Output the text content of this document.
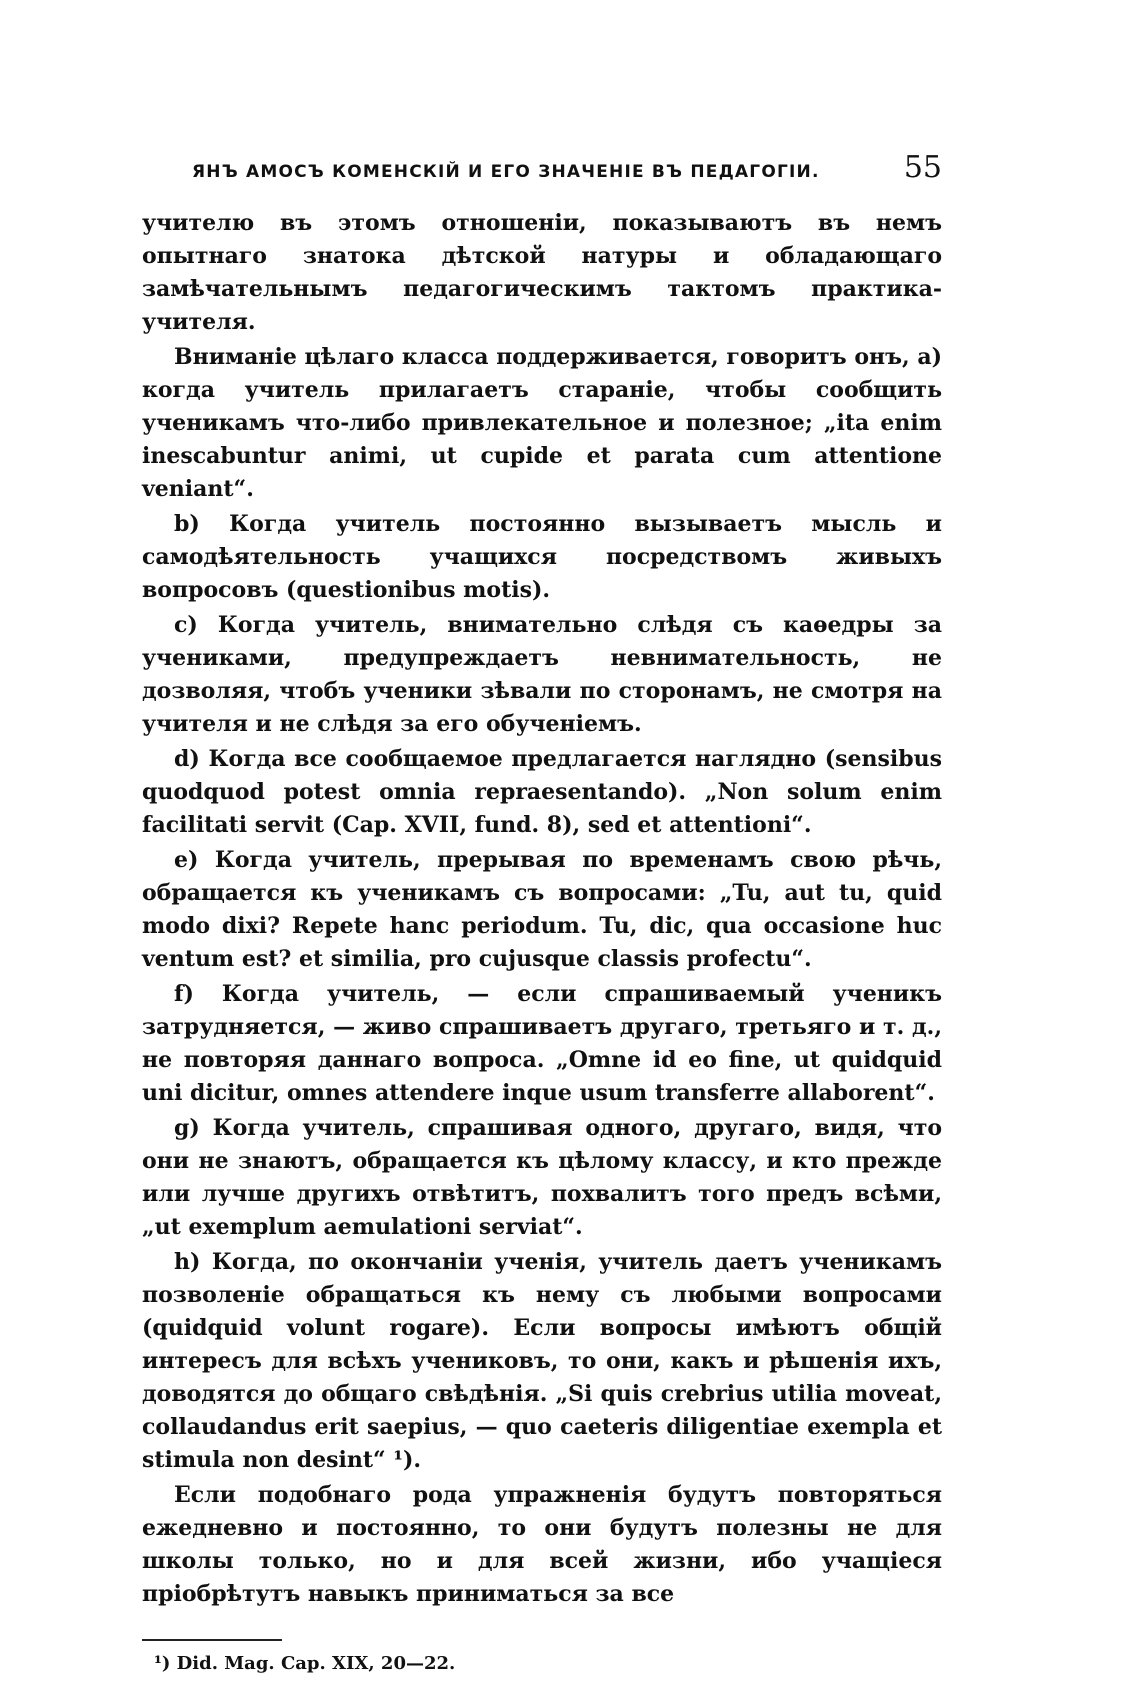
ЯНЪ АМОСЪ КОМЕНСКІЙ И ЕГО ЗНАЧЕНІЕ ВЪ ПЕДАГОГІИ.	55

учителю въ этомъ отношеніи, показываютъ въ немъ опытнаго знатока дѣтской натуры и обладающаго замѣчательнымъ педагогическимъ тактомъ практика-учителя.

Вниманіе цѣлаго класса поддерживается, говоритъ онъ, а) когда учитель прилагаетъ стараніе, чтобы сообщить ученикамъ что-либо привлекательное и полезное; „ita enim inescabuntur animi, ut cupide et parata cum attentione veniant“.

b) Когда учитель постоянно вызываетъ мысль и самодѣятельность учащихся посредствомъ живыхъ вопросовъ (questionibus motis).

c) Когда учитель, внимательно слѣдя съ каѳедры за учениками, предупреждаетъ невнимательность, не дозволяя, чтобъ ученики зѣвали по сторонамъ, не смотря на учителя и не слѣдя за его обученіемъ.

d) Когда все сообщаемое предлагается наглядно (sensibus quodquod potest omnia repraesentando). „Non solum enim facilitati servit (Cap. XVII, fund. 8), sed et attentioni“.

e) Когда учитель, прерывая по временамъ свою рѣчь, обращается къ ученикамъ съ вопросами: „Tu, aut tu, quid modo dixi? Repete hanc periodum. Tu, dic, qua occasione huc ventum est? et similia, pro cujusque classis profectu“.

f) Когда учитель, — если спрашиваемый ученикъ затрудняется, — живо спрашиваетъ другаго, третьяго и т. д., не повторяя даннаго вопроса. „Omne id eo fine, ut quidquid uni dicitur, omnes attendere inque usum transferre allaborent“.

g) Когда учитель, спрашивая одного, другаго, видя, что они не знаютъ, обращается къ цѣлому классу, и кто прежде или лучше другихъ отвѣтитъ, похвалитъ того предъ всѣми, „ut exemplum aemulationi serviat“.

h) Когда, по окончаніи ученія, учитель даетъ ученикамъ позволеніе обращаться къ нему съ любыми вопросами (quidquid volunt rogare). Если вопросы имѣютъ общій интересъ для всѣхъ учениковъ, то они, какъ и рѣшенія ихъ, доводятся до общаго свѣдѣнія. „Si quis crebrius utilia moveat, collaudandus erit saepius, — quo caeteris diligentiae exempla et stimula non desint“ ¹).

Если подобнаго рода упражненія будутъ повторяться ежедневно и постоянно, то они будутъ полезны не для школы только, но и для всей жизни, ибо учащіеся пріобрѣтутъ навыкъ приниматься за все

¹) Did. Mag. Cap. XIX, 20—22.
